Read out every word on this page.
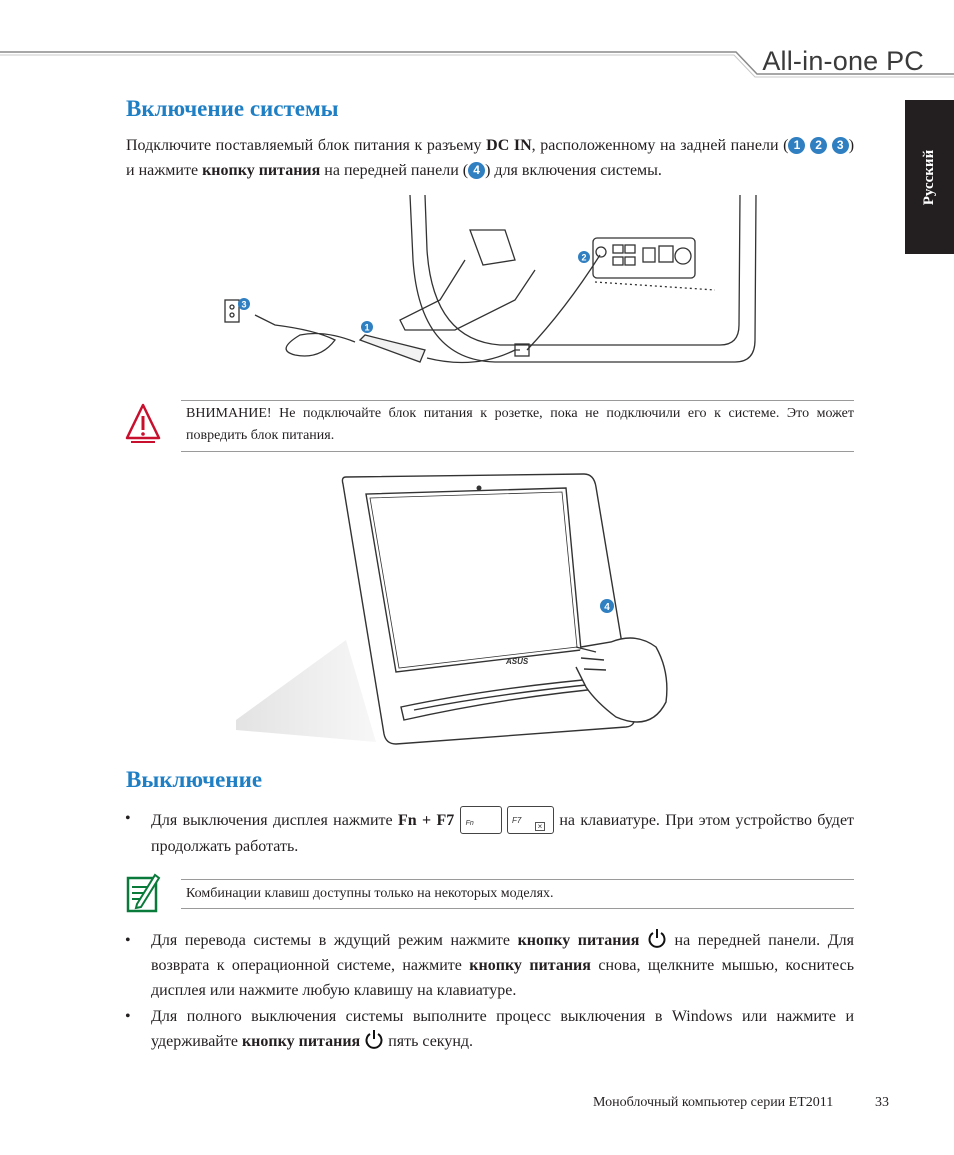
All-in-one PC
Русский
Включение системы
Подключите поставляемый блок питания к разъему DC IN, расположенному на задней панели ( 1 2 3 ) и нажмите кнопку питания на передней панели ( 4 ) для включения системы.
1
2
3
ВНИМАНИЕ! Не подключайте блок питания к розетке, пока не подключили его к системе. Это может повредить блок питания.
ASUS
4
Выключение
• Для выключения дисплея нажмите Fn + F7 Fn
	F7
× на клавиатуре. При этом устройство будет продолжать работать.
Комбинации клавиш доступны только на некоторых моделях.
• Для перевода системы в ждущий режим нажмите кнопку питания  на передней панели. Для возврата к операционной системе, нажмите кнопку питания снова, щелкните мышью, коснитесь дисплея или нажмите любую клавишу на клавиатуре.
• Для полного выключения системы выполните процесс выключения в Windows или нажмите и удерживайте кнопку питания  пять секунд.
Моноблочный компьютер серии ET2011	33
